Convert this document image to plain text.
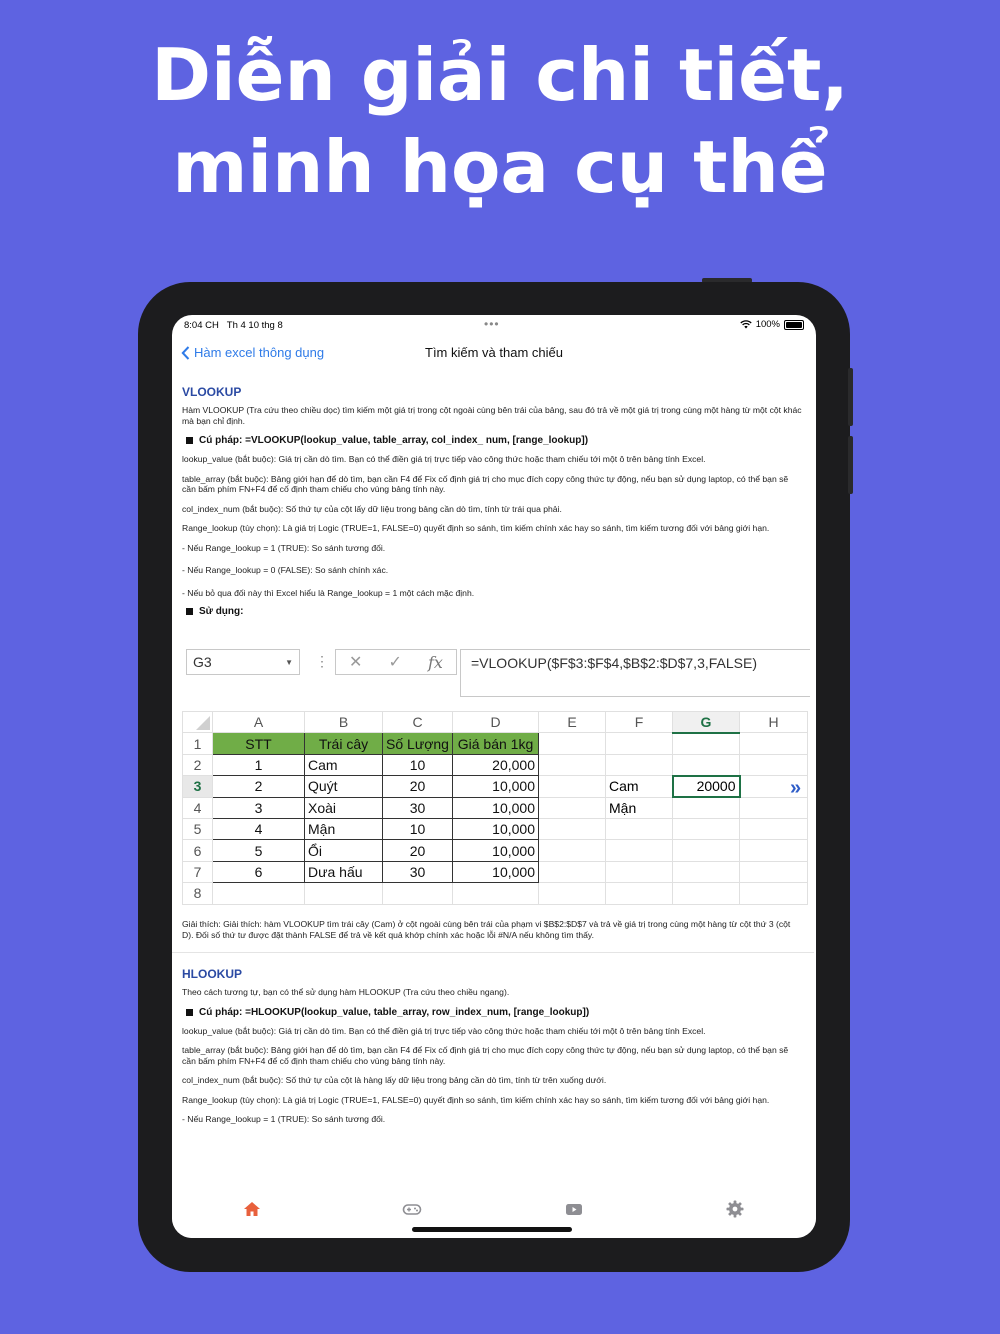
Diễn giải chi tiết,
minh họa cụ thể
8:04 CH Th 4 10 thg 8	•••	100%
Hàm excel thông dụng	Tìm kiếm và tham chiếu
VLOOKUP

Hàm VLOOKUP (Tra cứu theo chiều dọc) tìm kiếm một giá trị trong cột ngoài cùng bên trái của bảng, sau đó trả về một giá trị trong cùng một hàng từ một cột khác mà bạn chỉ định.

Cú pháp: =VLOOKUP(lookup_value, table_array, col_index_ num, [range_lookup])

lookup_value (bắt buộc): Giá trị cần dò tìm. Bạn có thể điền giá trị trực tiếp vào công thức hoặc tham chiếu tới một ô trên bảng tính Excel.

table_array (bắt buộc): Bảng giới hạn để dò tìm, bạn cần F4 để Fix cố định giá trị cho mục đích copy công thức tự động, nếu bạn sử dụng laptop, có thể bạn sẽ cần bấm phím FN+F4 để cố định tham chiếu cho vùng bảng tính này.

col_index_num (bắt buộc): Số thứ tự của cột lấy dữ liệu trong bảng cần dò tìm, tính từ trái qua phải.

Range_lookup (tùy chọn): Là giá trị Logic (TRUE=1, FALSE=0) quyết định so sánh, tìm kiếm chính xác hay so sánh, tìm kiếm tương đối với bảng giới hạn.

- Nếu Range_lookup = 1 (TRUE): So sánh tương đối.

- Nếu Range_lookup = 0 (FALSE): So sánh chính xác.

- Nếu bỏ qua đối này thì Excel hiểu là Range_lookup = 1 một cách mặc định.

Sử dụng:
G3	▼ ⋮ ✕ ✓ fx	=VLOOKUP($F$3:$F$4,$B$2:$D$7,3,FALSE)
	A	B	C	D	E	F	G	H
1	STT	Trái cây	Số Lượng	Giá bán 1kg				
2	1	Cam	10	20,000				
3	2	Quýt	20	10,000		Cam	20000	
4	3	Xoài	30	10,000		Mận		
5	4	Mận	10	10,000				
6	5	Ổi	20	10,000				
7	6	Dưa hấu	30	10,000				
8								
»

Giải thích: Giải thích: hàm VLOOKUP tìm trái cây (Cam) ở cột ngoài cùng bên trái của phạm vi $B$2:$D$7 và trả về giá trị trong cùng một hàng từ cột thứ 3 (cột D). Đối số thứ tư được đặt thành FALSE để trả về kết quả khớp chính xác hoặc lỗi #N/A nếu không tìm thấy.

HLOOKUP

Theo cách tương tự, bạn có thể sử dụng hàm HLOOKUP (Tra cứu theo chiều ngang).

Cú pháp: =HLOOKUP(lookup_value, table_array, row_index_num, [range_lookup])

lookup_value (bắt buộc): Giá trị cần dò tìm. Bạn có thể điền giá trị trực tiếp vào công thức hoặc tham chiếu tới một ô trên bảng tính Excel.

table_array (bắt buộc): Bảng giới hạn để dò tìm, bạn cần F4 để Fix cố định giá trị cho mục đích copy công thức tự động, nếu bạn sử dụng laptop, có thể bạn sẽ cần bấm phím FN+F4 để cố định tham chiếu cho vùng bảng tính này.

col_index_num (bắt buộc): Số thứ tự của cột là hàng lấy dữ liệu trong bảng cần dò tìm, tính từ trên xuống dưới.

Range_lookup (tùy chọn): Là giá trị Logic (TRUE=1, FALSE=0) quyết định so sánh, tìm kiếm chính xác hay so sánh, tìm kiếm tương đối với bảng giới hạn.

- Nếu Range_lookup = 1 (TRUE): So sánh tương đối.
